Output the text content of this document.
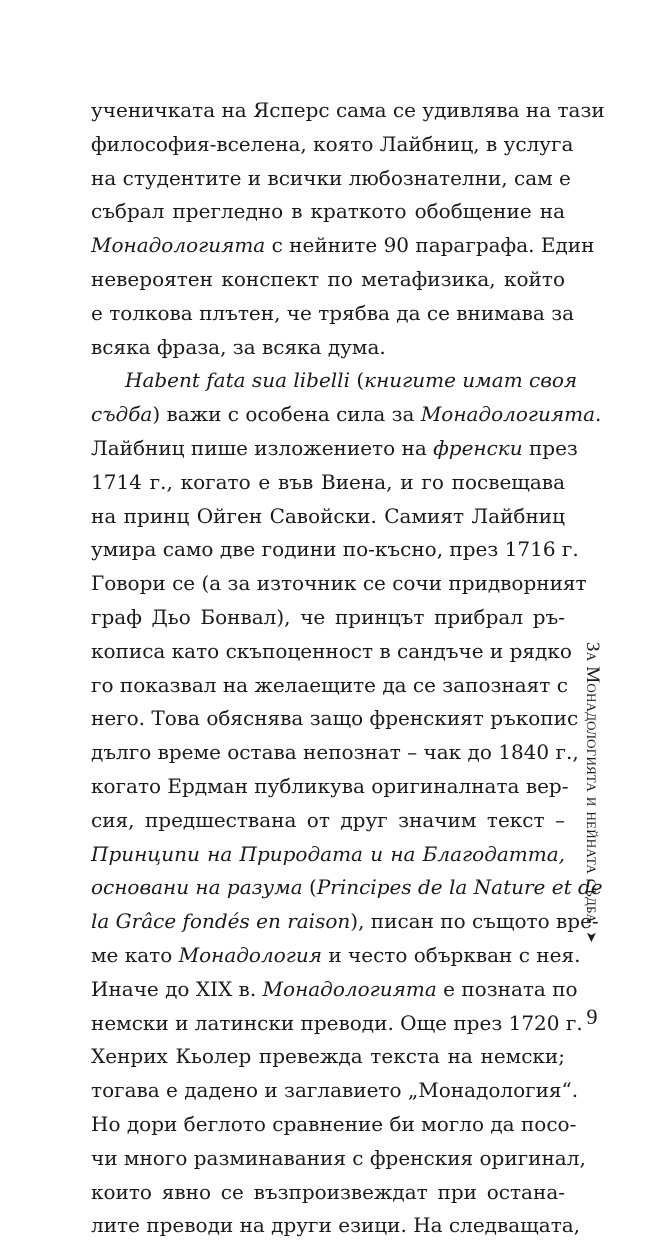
ученичката на Ясперс сама се удивлява на тази
философия-вселена, която Лайбниц, в услуга
на студентите и всички любознателни, сам е
събрал прегледно в краткото обобщение на
Монадологията с нейните 90 параграфа. Един
невероятен конспект по метафизика, който
е толкова плътен, че трябва да се внимава за
всяка фраза, за всяка дума.
Habent fata sua libelli (книгите имат своя
съдба) важи с особена сила за Монадологията.
Лайбниц пише изложението на френски през
1714 г., когато е във Виена, и го посвещава
на принц Ойген Савойски. Самият Лайбниц
умира само две години по-късно, през 1716 г.
Говори се (а за източник се сочи придворният
граф Дьо Бонвал), че принцът прибрал ръ-
кописа като скъпоценност в сандъче и рядко
го показвал на желаещите да се запознаят с
него. Това обяснява защо френският ръкопис
дълго време остава непознат – чак до 1840 г.,
когато Ердман публикува оригиналната вер-
сия, предшествана от друг значим текст –
Принципи на Природата и на Благодатта,
основани на разума (Principes de la Nature et de
la Grâce fondés en raison), писан по същото вре-
ме като Монадология и често объркван с нея.
Иначе до XIX в. Монадологията е позната по
немски и латински преводи. Още през 1720 г.
Хенрих Кьолер превежда текста на немски;
тогава е дадено и заглавието „Монадология“.
Но дори беглото сравнение би могло да посо-
чи много разминавания с френския оригинал,
които явно се възпроизвеждат при остана-
лите преводи на други езици. На следващата,
За Монадологията и нейната съдба➤
9
